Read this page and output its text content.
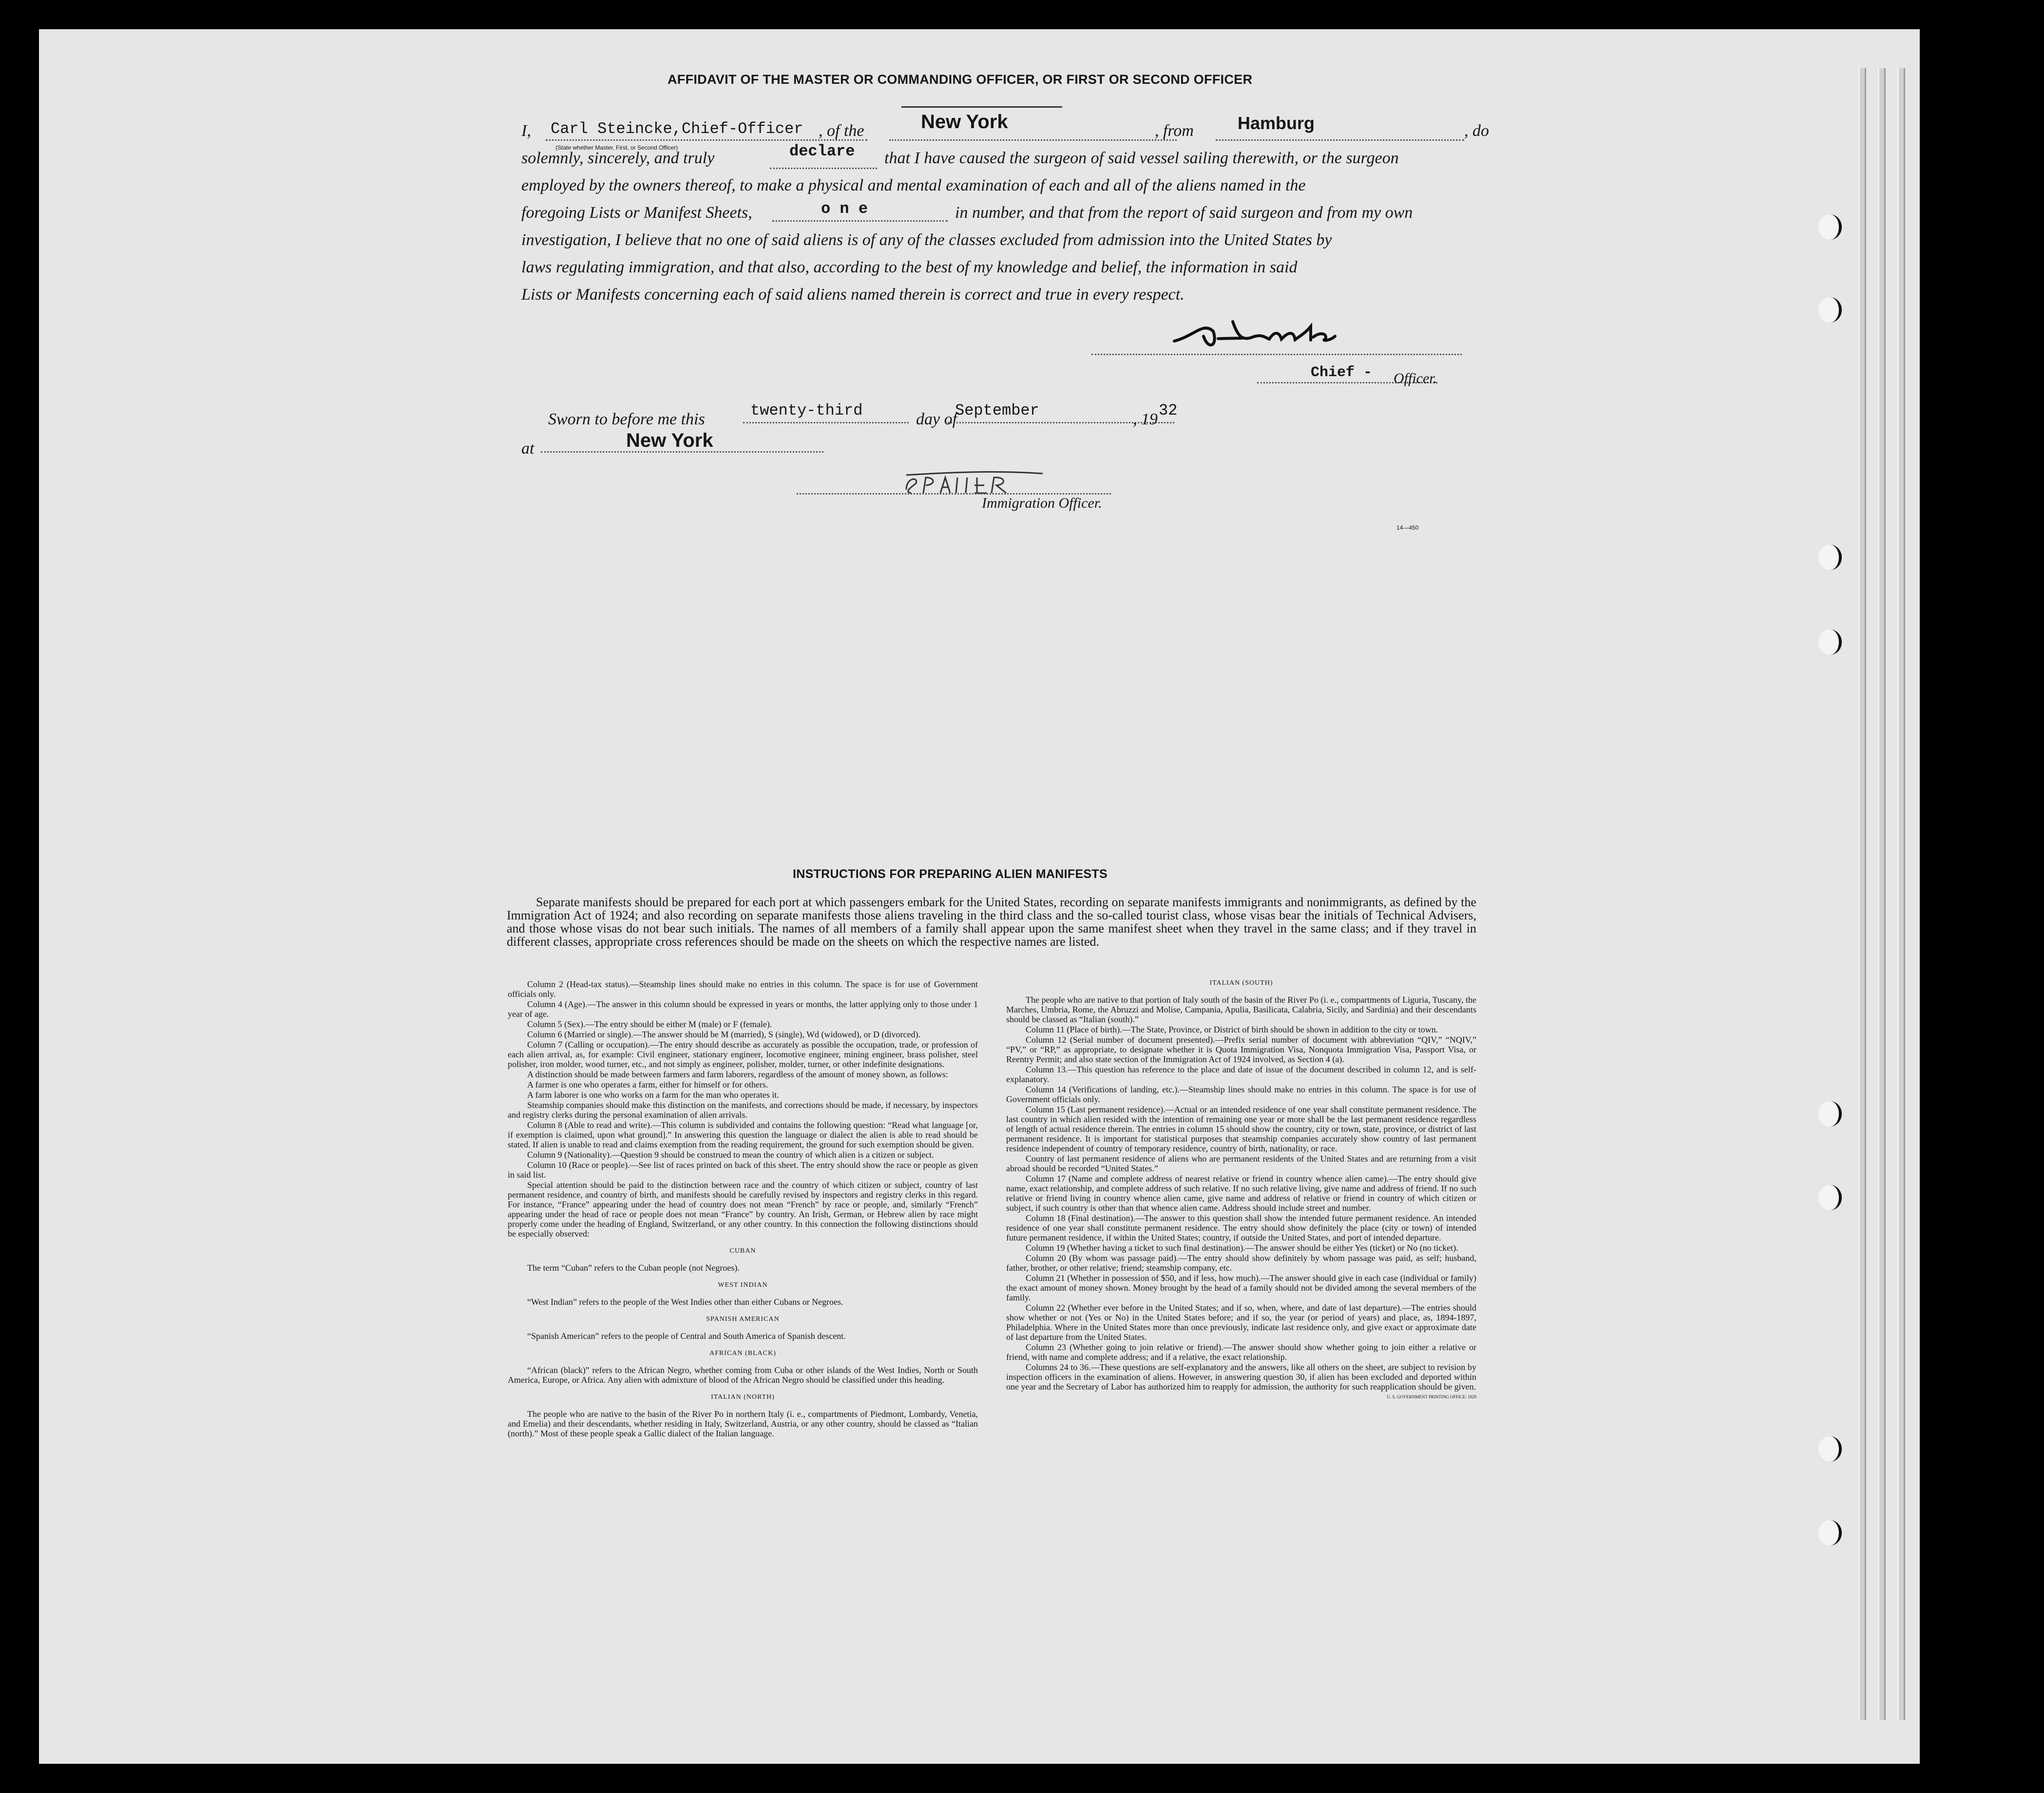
AFFIDAVIT OF THE MASTER OR COMMANDING OFFICER, OR FIRST OR SECOND OFFICER
I, Carl Steincke,Chief-Officer , of the	New York	, from	Hamburg	, do
(State whether Master, First, or Second Officer)
solemnly, sincerely, and truly	declare that I have caused the surgeon of said vessel sailing therewith, or the surgeon
employed by the owners thereof, to make a physical and mental examination of each and all of the aliens named in the
foregoing Lists or Manifest Sheets,	o n e	in number, and that from the report of said surgeon and from my own
investigation, I believe that no one of said aliens is of any of the classes excluded from admission into the United States by
laws regulating immigration, and that also, according to the best of my knowledge and belief, the information in said
Lists or Manifests concerning each of said aliens named therein is correct and true in every respect.
Chief - Officer.
Sworn to before me this	twenty-third	day of
September	, 19 32
at	New York
Immigration Officer.
14—450
INSTRUCTIONS FOR PREPARING ALIEN MANIFESTS
Separate manifests should be prepared for each port at which passengers embark for the United States, recording on separate manifests immigrants and nonimmigrants, as defined by the Immigration Act of 1924; and also recording on separate manifests those aliens traveling in the third class and the so-called tourist class, whose visas bear the initials of Technical Advisers, and those whose visas do not bear such initials. The names of all members of a family shall appear upon the same manifest sheet when they travel in the same class; and if they travel in different classes, appropriate cross references should be made on the sheets on which the respective names are listed.

Column 2 (Head-tax status).—Steamship lines should make no entries in this column. The space is for use of Government officials only.

Column 4 (Age).—The answer in this column should be expressed in years or months, the latter applying only to those under 1 year of age.

Column 5 (Sex).—The entry should be either M (male) or F (female).

Column 6 (Married or single).—The answer should be M (married), S (single), Wd (widowed), or D (divorced).

Column 7 (Calling or occupation).—The entry should describe as accurately as possible the occupation, trade, or profession of each alien arrival, as, for example: Civil engineer, stationary engineer, locomotive engineer, mining engineer, brass polisher, steel polisher, iron molder, wood turner, etc., and not simply as engineer, polisher, molder, turner, or other indefinite designations.

A distinction should be made between farmers and farm laborers, regardless of the amount of money shown, as follows:

A farmer is one who operates a farm, either for himself or for others.

A farm laborer is one who works on a farm for the man who operates it.

Steamship companies should make this distinction on the manifests, and corrections should be made, if necessary, by inspectors and registry clerks during the personal examination of alien arrivals.

Column 8 (Able to read and write).—This column is subdivided and contains the following question: “Read what language [or, if exemption is claimed, upon what ground].” In answering this question the language or dialect the alien is able to read should be stated. If alien is unable to read and claims exemption from the reading requirement, the ground for such exemption should be given.

Column 9 (Nationality).—Question 9 should be construed to mean the country of which alien is a citizen or subject.

Column 10 (Race or people).—See list of races printed on back of this sheet. The entry should show the race or people as given in said list.

Special attention should be paid to the distinction between race and the country of which citizen or subject, country of last permanent residence, and country of birth, and manifests should be carefully revised by inspectors and registry clerks in this regard. For instance, “France” appearing under the head of country does not mean “French” by race or people, and, similarly “French” appearing under the head of race or people does not mean “France” by country. An Irish, German, or Hebrew alien by race might properly come under the heading of England, Switzerland, or any other country. In this connection the following distinctions should be especially observed:

CUBAN

The term “Cuban” refers to the Cuban people (not Negroes).

WEST INDIAN

“West Indian” refers to the people of the West Indies other than either Cubans or Negroes.

SPANISH AMERICAN

“Spanish American” refers to the people of Central and South America of Spanish descent.

AFRICAN (BLACK)

“African (black)” refers to the African Negro, whether coming from Cuba or other islands of the West Indies, North or South America, Europe, or Africa. Any alien with admixture of blood of the African Negro should be classified under this heading.

ITALIAN (NORTH)

The people who are native to the basin of the River Po in northern Italy (i. e., compartments of Piedmont, Lombardy, Venetia, and Emelia) and their descendants, whether residing in Italy, Switzerland, Austria, or any other country, should be classed as “Italian (north).” Most of these people speak a Gallic dialect of the Italian language.

ITALIAN (SOUTH)

The people who are native to that portion of Italy south of the basin of the River Po (i. e., compartments of Liguria, Tuscany, the Marches, Umbria, Rome, the Abruzzi and Molise, Campania, Apulia, Basilicata, Calabria, Sicily, and Sardinia) and their descendants should be classed as “Italian (south).”

Column 11 (Place of birth).—The State, Province, or District of birth should be shown in addition to the city or town.

Column 12 (Serial number of document presented).—Prefix serial number of document with abbreviation “QIV,” “NQIV,” “PV,” or “RP,” as appropriate, to designate whether it is Quota Immigration Visa, Nonquota Immigration Visa, Passport Visa, or Reentry Permit; and also state section of the Immigration Act of 1924 involved, as Section 4 (a).

Column 13.—This question has reference to the place and date of issue of the document described in column 12, and is self-explanatory.

Column 14 (Verifications of landing, etc.).—Steamship lines should make no entries in this column. The space is for use of Government officials only.

Column 15 (Last permanent residence).—Actual or an intended residence of one year shall constitute permanent residence. The last country in which alien resided with the intention of remaining one year or more shall be the last permanent residence regardless of length of actual residence therein. The entries in column 15 should show the country, city or town, state, province, or district of last permanent residence. It is important for statistical purposes that steamship companies accurately show country of last permanent residence independent of country of temporary residence, country of birth, nationality, or race.

Country of last permanent residence of aliens who are permanent residents of the United States and are returning from a visit abroad should be recorded “United States.”

Column 17 (Name and complete address of nearest relative or friend in country whence alien came).—The entry should give name, exact relationship, and complete address of such relative. If no such relative living, give name and address of friend. If no such relative or friend living in country whence alien came, give name and address of relative or friend in country of which citizen or subject, if such country is other than that whence alien came. Address should include street and number.

Column 18 (Final destination).—The answer to this question shall show the intended future permanent residence. An intended residence of one year shall constitute permanent residence. The entry should show definitely the place (city or town) of intended future permanent residence, if within the United States; country, if outside the United States, and port of intended departure.

Column 19 (Whether having a ticket to such final destination).—The answer should be either Yes (ticket) or No (no ticket).

Column 20 (By whom was passage paid).—The entry should show definitely by whom passage was paid, as self; husband, father, brother, or other relative; friend; steamship company, etc.

Column 21 (Whether in possession of $50, and if less, how much).—The answer should give in each case (individual or family) the exact amount of money shown. Money brought by the head of a family should not be divided among the several members of the family.

Column 22 (Whether ever before in the United States; and if so, when, where, and date of last departure).—The entries should show whether or not (Yes or No) in the United States before; and if so, the year (or period of years) and place, as, 1894-1897, Philadelphia. Where in the United States more than once previously, indicate last residence only, and give exact or approximate date of last departure from the United States.

Column 23 (Whether going to join relative or friend).—The answer should show whether going to join either a relative or friend, with name and complete address; and if a relative, the exact relationship.

Columns 24 to 36.—These questions are self-explanatory and the answers, like all others on the sheet, are subject to revision by inspection officers in the examination of aliens. However, in answering question 30, if alien has been excluded and deported within one year and the Secretary of Labor has authorized him to reapply for admission, the authority for such reapplication should be given.

U. S. GOVERNMENT PRINTING OFFICE: 1929
